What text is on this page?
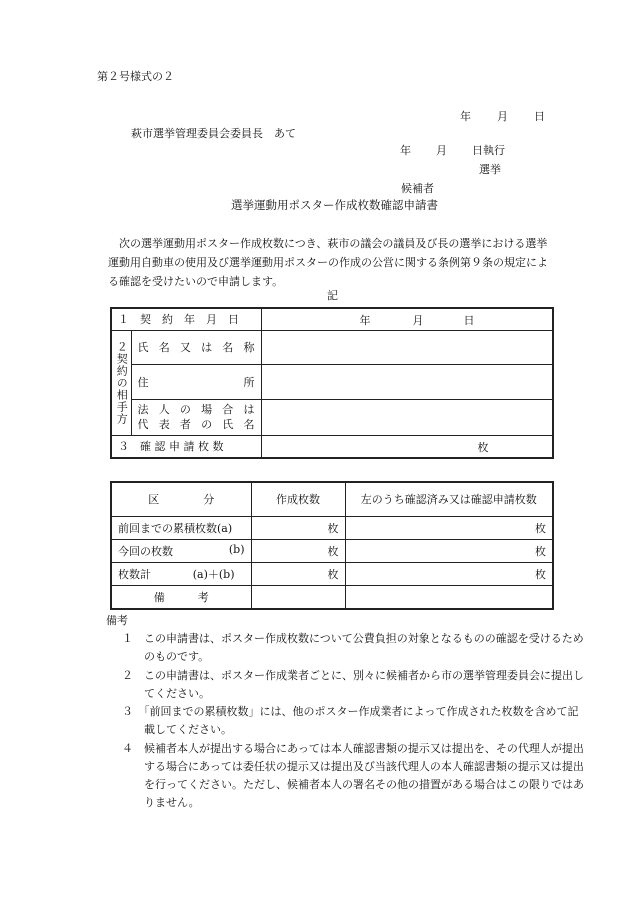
第２号様式の２
年 月 日
萩市選挙管理委員会委員長　あて
年 月 日執行
選挙
候補者
選挙運動用ポスター作成枚数確認申請書
次の選挙運動用ポスター作成枚数につき、萩市の議会の議員及び長の選挙における選挙運動用自動車の使用及び選挙運動用ポスターの作成の公営に関する条例第９条の規定による確認を受けたいので申請します。
記
１　契　約　年　月　日		年 月 日

２契約の相手方	氏名又は名称	
	住　所	

	法人の場合は
代表者の氏名	

３　確 認 申 請 枚 数		枚
区　　　　分	作成枚数	左のうち確認済み又は確認申請枚数
前回までの累積枚数(a)	枚	枚
今回の枚数 (b)	枚	枚
枚数計 (a)＋(b)	枚	枚
備　　　考		
備考
１　この申請書は、ポスター作成枚数について公費負担の対象となるものの確認を受けるためのものです。
２　この申請書は、ポスター作成業者ごとに、別々に候補者から市の選挙管理委員会に提出してください。
３　「前回までの累積枚数」には、他のポスター作成業者によって作成された枚数を含めて記載してください。
４　候補者本人が提出する場合にあっては本人確認書類の提示又は提出を、その代理人が提出する場合にあっては委任状の提示又は提出及び当該代理人の本人確認書類の提示又は提出を行ってください。ただし、候補者本人の署名その他の措置がある場合はこの限りではありません。
